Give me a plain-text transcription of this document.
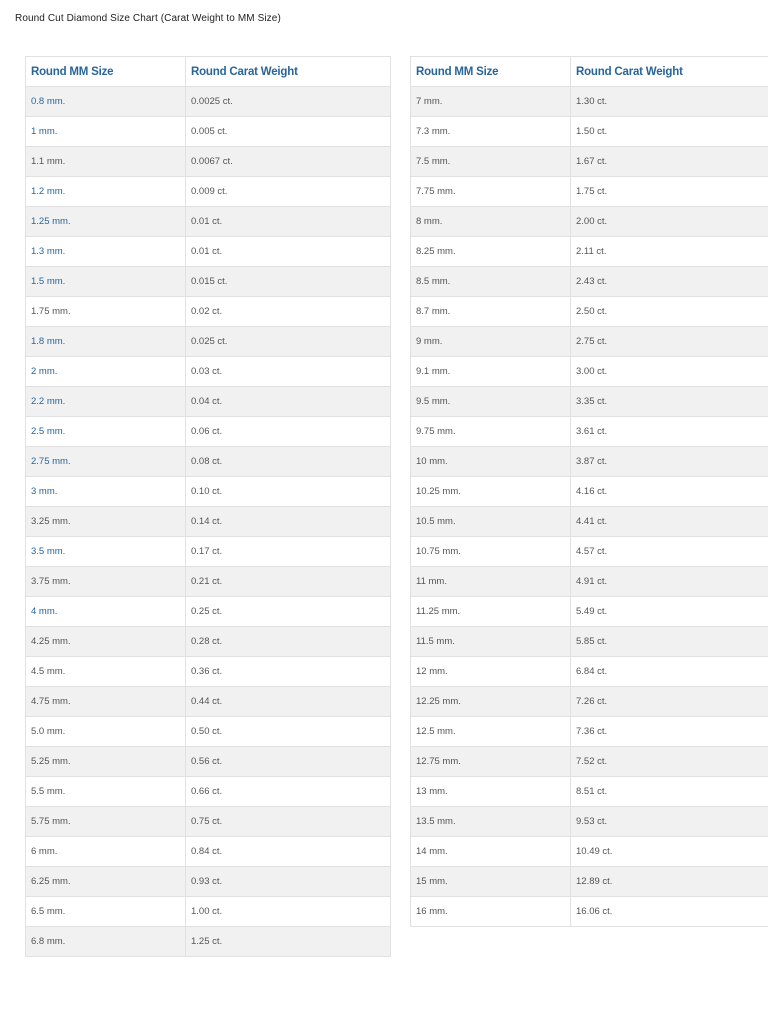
Round Cut Diamond Size Chart (Carat Weight to MM Size)
Round MM Size	Round Carat Weight
0.8 mm.	0.0025 ct.
1 mm.	0.005 ct.
1.1 mm.	0.0067 ct.
1.2 mm.	0.009 ct.
1.25 mm.	0.01 ct.
1.3 mm.	0.01 ct.
1.5 mm.	0.015 ct.
1.75 mm.	0.02 ct.
1.8 mm.	0.025 ct.
2 mm.	0.03 ct.
2.2 mm.	0.04 ct.
2.5 mm.	0.06 ct.
2.75 mm.	0.08 ct.
3 mm.	0.10 ct.
3.25 mm.	0.14 ct.
3.5 mm.	0.17 ct.
3.75 mm.	0.21 ct.
4 mm.	0.25 ct.
4.25 mm.	0.28 ct.
4.5 mm.	0.36 ct.
4.75 mm.	0.44 ct.
5.0 mm.	0.50 ct.
5.25 mm.	0.56 ct.
5.5 mm.	0.66 ct.
5.75 mm.	0.75 ct.
6 mm.	0.84 ct.
6.25 mm.	0.93 ct.
6.5 mm.	1.00 ct.
6.8 mm.	1.25 ct.
Round MM Size	Round Carat Weight
7 mm.	1.30 ct.
7.3 mm.	1.50 ct.
7.5 mm.	1.67 ct.
7.75 mm.	1.75 ct.
8 mm.	2.00 ct.
8.25 mm.	2.11 ct.
8.5 mm.	2.43 ct.
8.7 mm.	2.50 ct.
9 mm.	2.75 ct.
9.1 mm.	3.00 ct.
9.5 mm.	3.35 ct.
9.75 mm.	3.61 ct.
10 mm.	3.87 ct.
10.25 mm.	4.16 ct.
10.5 mm.	4.41 ct.
10.75 mm.	4.57 ct.
11 mm.	4.91 ct.
11.25 mm.	5.49 ct.
11.5 mm.	5.85 ct.
12 mm.	6.84 ct.
12.25 mm.	7.26 ct.
12.5 mm.	7.36 ct.
12.75 mm.	7.52 ct.
13 mm.	8.51 ct.
13.5 mm.	9.53 ct.
14 mm.	10.49 ct.
15 mm.	12.89 ct.
16 mm.	16.06 ct.
